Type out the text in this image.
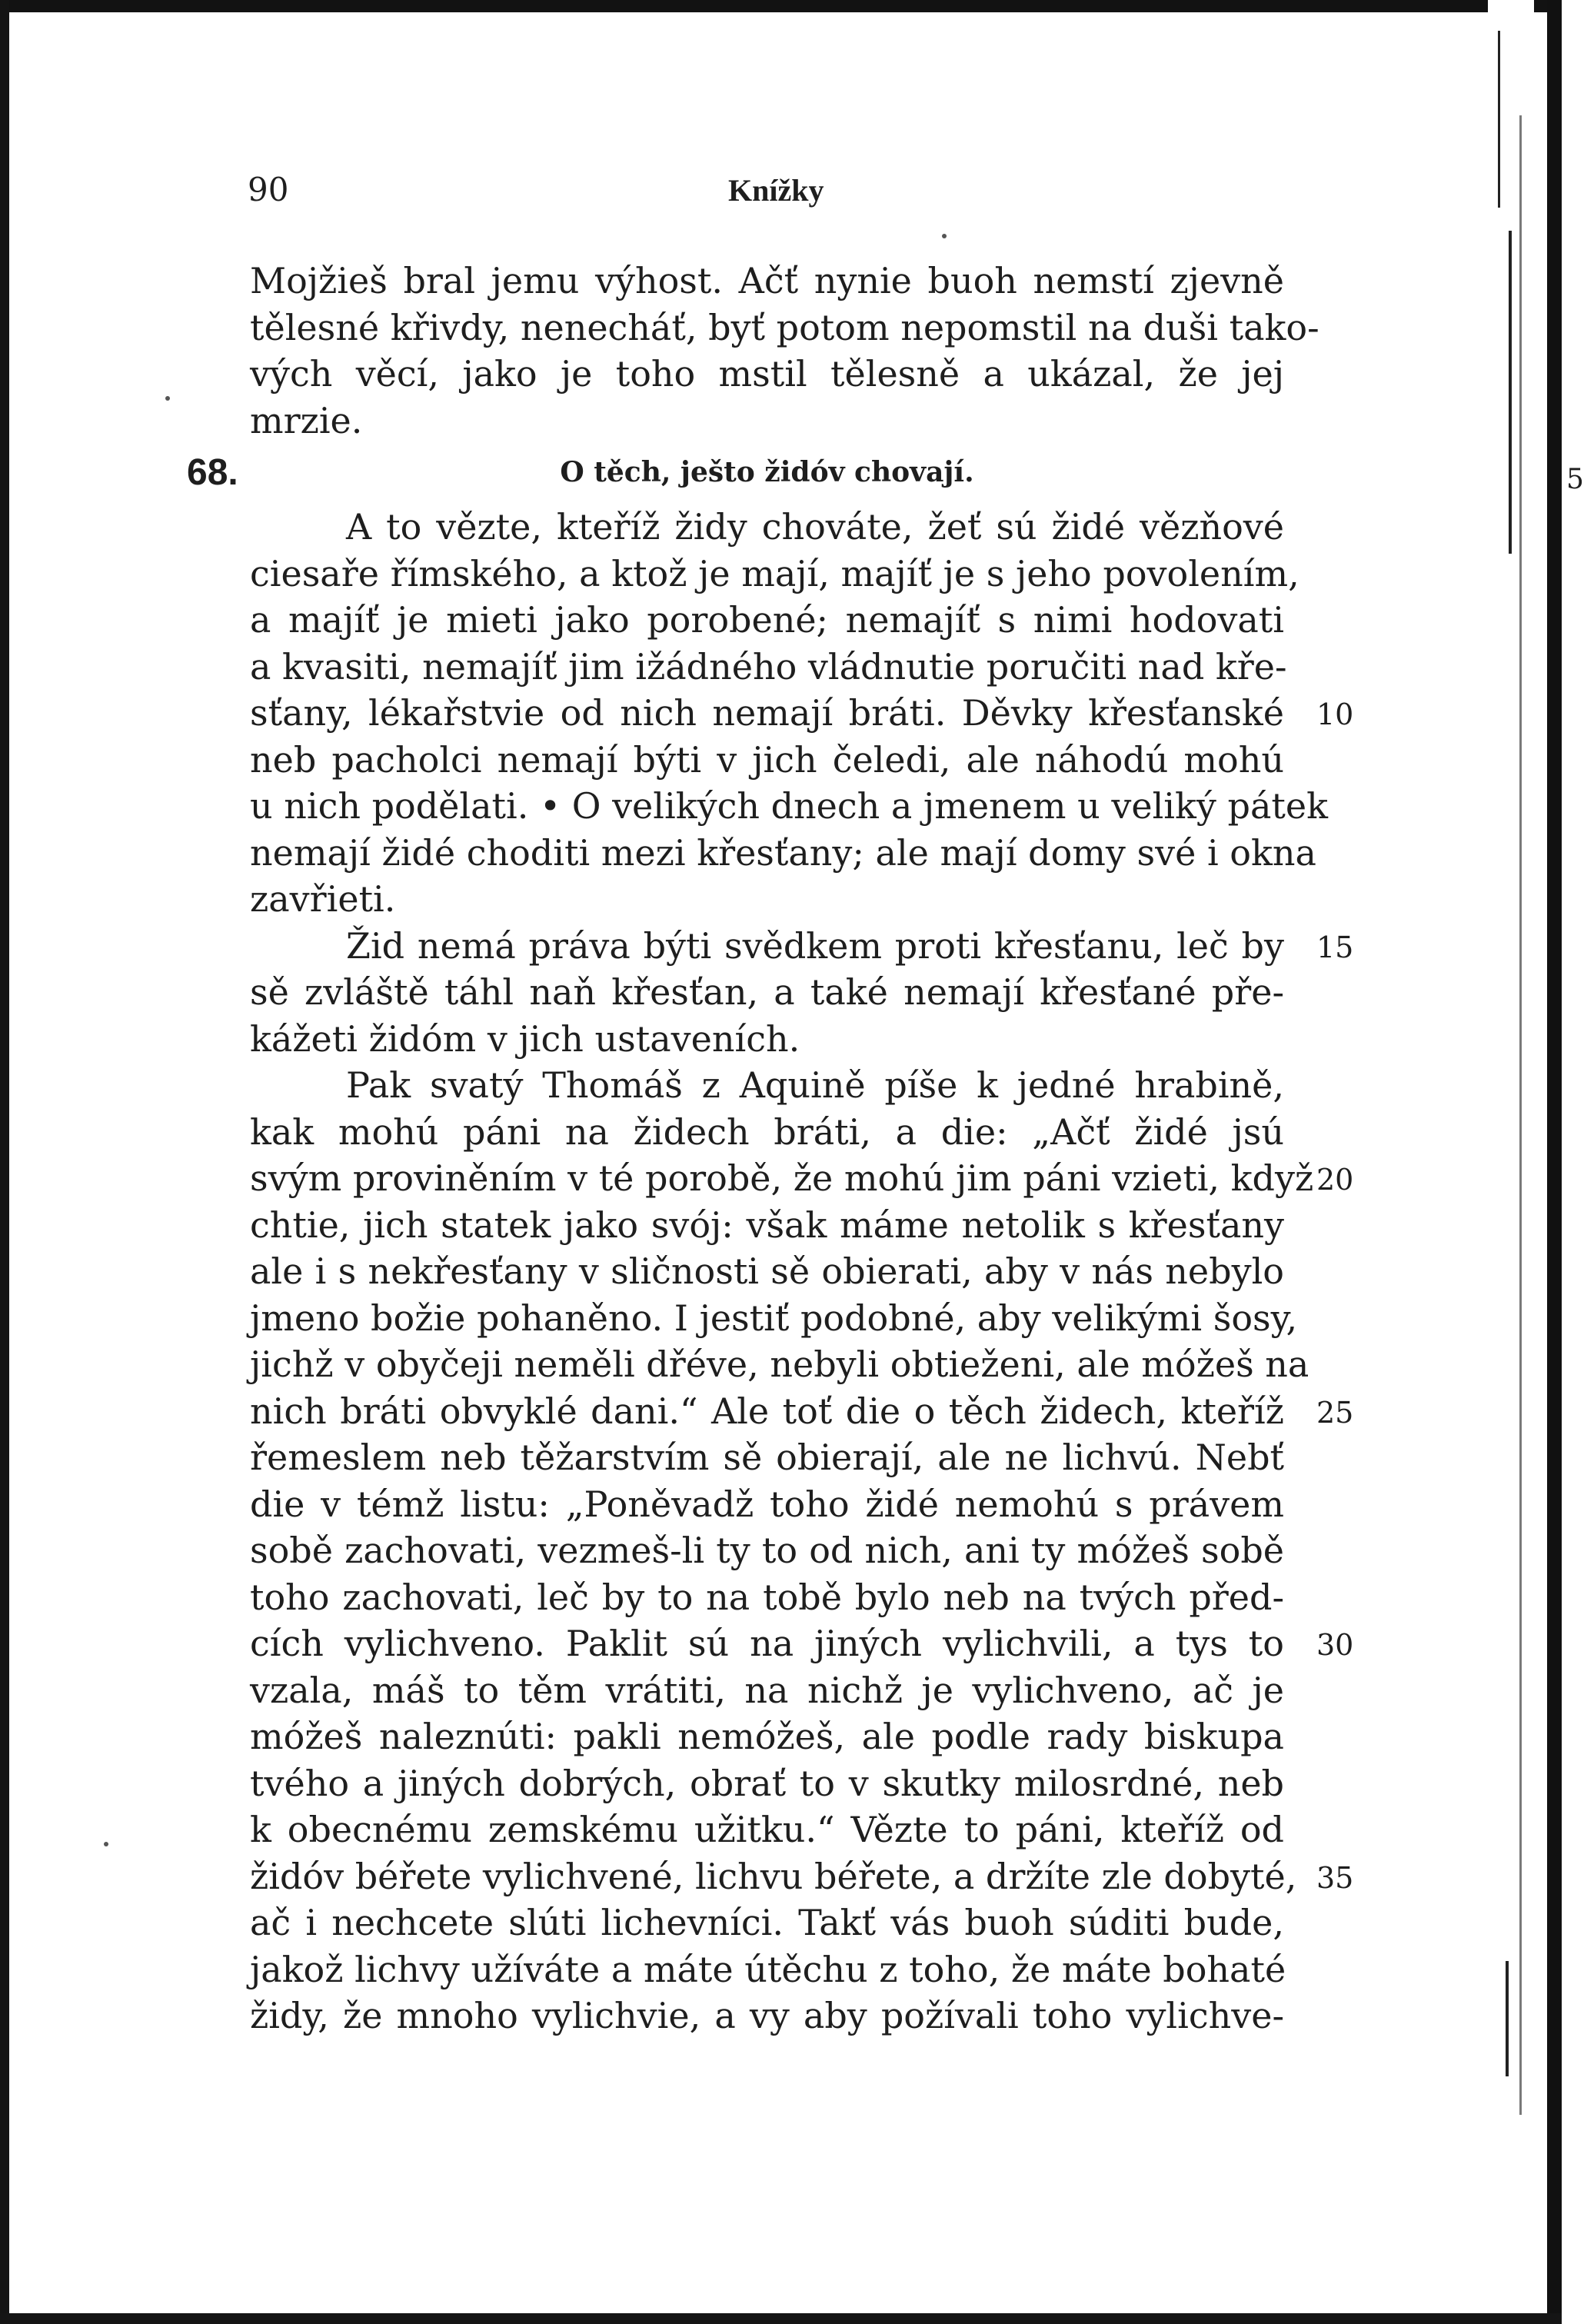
90	Knížky
Mojžieš bral jemu výhost. Ačť nynie buoh nemstí zjevně
tělesné křivdy, nenecháť, byť potom nepomstil na duši tako-
vých věcí, jako je toho mstil tělesně a ukázal, že jej
mrzie.
68.	O těch, ješto židóv chovají.	5
A to vězte, kteříž židy chováte, žeť sú židé vězňové
ciesaře římského, a ktož je mají, majíť je s jeho povolením,
a majíť je mieti jako porobené; nemajíť s nimi hodovati
a kvasiti, nemajíť jim ižádného vládnutie poručiti nad kře-
sťany, lékařstvie od nich nemají bráti. Děvky křesťanské 10
neb pacholci nemají býti v jich čeledi, ale náhodú mohú
u nich podělati. • O velikých dnech a jmenem u veliký pátek
nemají židé choditi mezi křesťany; ale mají domy své i okna
zavřieti.
Žid nemá práva býti svědkem proti křesťanu, leč by 15
sě zvláště táhl naň křesťan, a také nemají křesťané pře-
kážeti židóm v jich ustaveních.
Pak svatý Thomáš z Aquině píše k jedné hrabině,
kak mohú páni na židech bráti, a die: „Ačť židé jsú
svým proviněním v té porobě, že mohú jim páni vzieti, když 20
chtie, jich statek jako svój: však máme netolik s křesťany
ale i s nekřesťany v sličnosti sě obierati, aby v nás nebylo
jmeno božie pohaněno. I jestiť podobné, aby velikými šosy,
jichž v obyčeji neměli dřéve, nebyli obtieženi, ale móžeš na
nich bráti obvyklé dani.“ Ale toť die o těch židech, kteříž 25
řemeslem neb těžarstvím sě obierají, ale ne lichvú. Nebť
die v témž listu: „Poněvadž toho židé nemohú s právem
sobě zachovati, vezmeš-li ty to od nich, ani ty móžeš sobě
toho zachovati, leč by to na tobě bylo neb na tvých před-
cích vylichveno. Paklit sú na jiných vylichvili, a tys to 30
vzala, máš to těm vrátiti, na nichž je vylichveno, ač je
móžeš naleznúti: pakli nemóžeš, ale podle rady biskupa
tvého a jiných dobrých, obrať to v skutky milosrdné, neb
k obecnému zemskému užitku.“ Vězte to páni, kteříž od
židóv béřete vylichvené, lichvu béřete, a držíte zle dobyté, 35
ač i nechcete slúti lichevníci. Takť vás buoh súditi bude,
jakož lichvy užíváte a máte útěchu z toho, že máte bohaté
židy, že mnoho vylichvie, a vy aby požívali toho vylichve-
